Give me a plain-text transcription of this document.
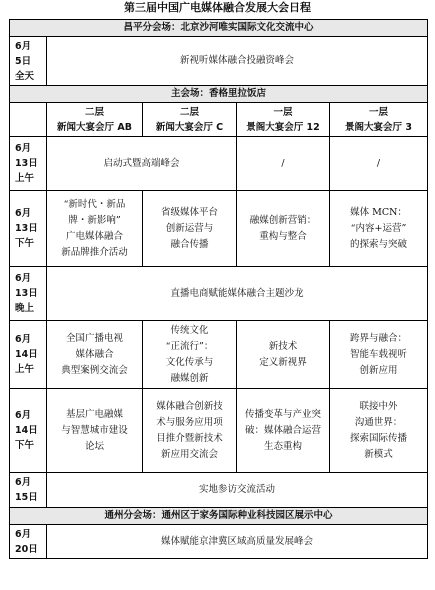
第三届中国广电媒体融合发展大会日程
昌平分会场：北京沙河唯实国际文化交流中心				

6月
5日
全天	新视听媒体融合投融资峰会			

主会场：香格里拉饭店				

	二层
新闻大宴会厅 AB	二层
新闻大宴会厅 C	一层
景阁大宴会厅 12	一层
景阁大宴会厅 3

6月
13日
上午	启动式暨高端峰会		/	/

6月
13日
下午	“新时代・新品
牌・新影响”
广电媒体融合
新品牌推介活动	省级媒体平台
创新运营与
融合传播	融媒创新营销：
重构与整合	媒体 MCN：
“内容+运营”
的探索与突破

6月
13日
晚上	直播电商赋能媒体融合主题沙龙			

6月
14日
上午	全国广播电视
媒体融合
典型案例交流会	传统文化
“正流行”：
文化传承与
融媒创新	新技术
定义新视界	跨界与融合：
智能车载视听
创新应用

6月
14日
下午	基层广电融媒
与智慧城市建设
论坛	媒体融合创新技
术与服务应用项
目推介暨新技术
新应用交流会	传播变革与产业突
破：媒体融合运营
生态重构	联接中外
沟通世界：
探索国际传播
新模式

6月
15日	实地参访交流活动			

通州分会场：通州区于家务国际种业科技园区展示中心				

6月
20日	媒体赋能京津冀区域高质量发展峰会			
